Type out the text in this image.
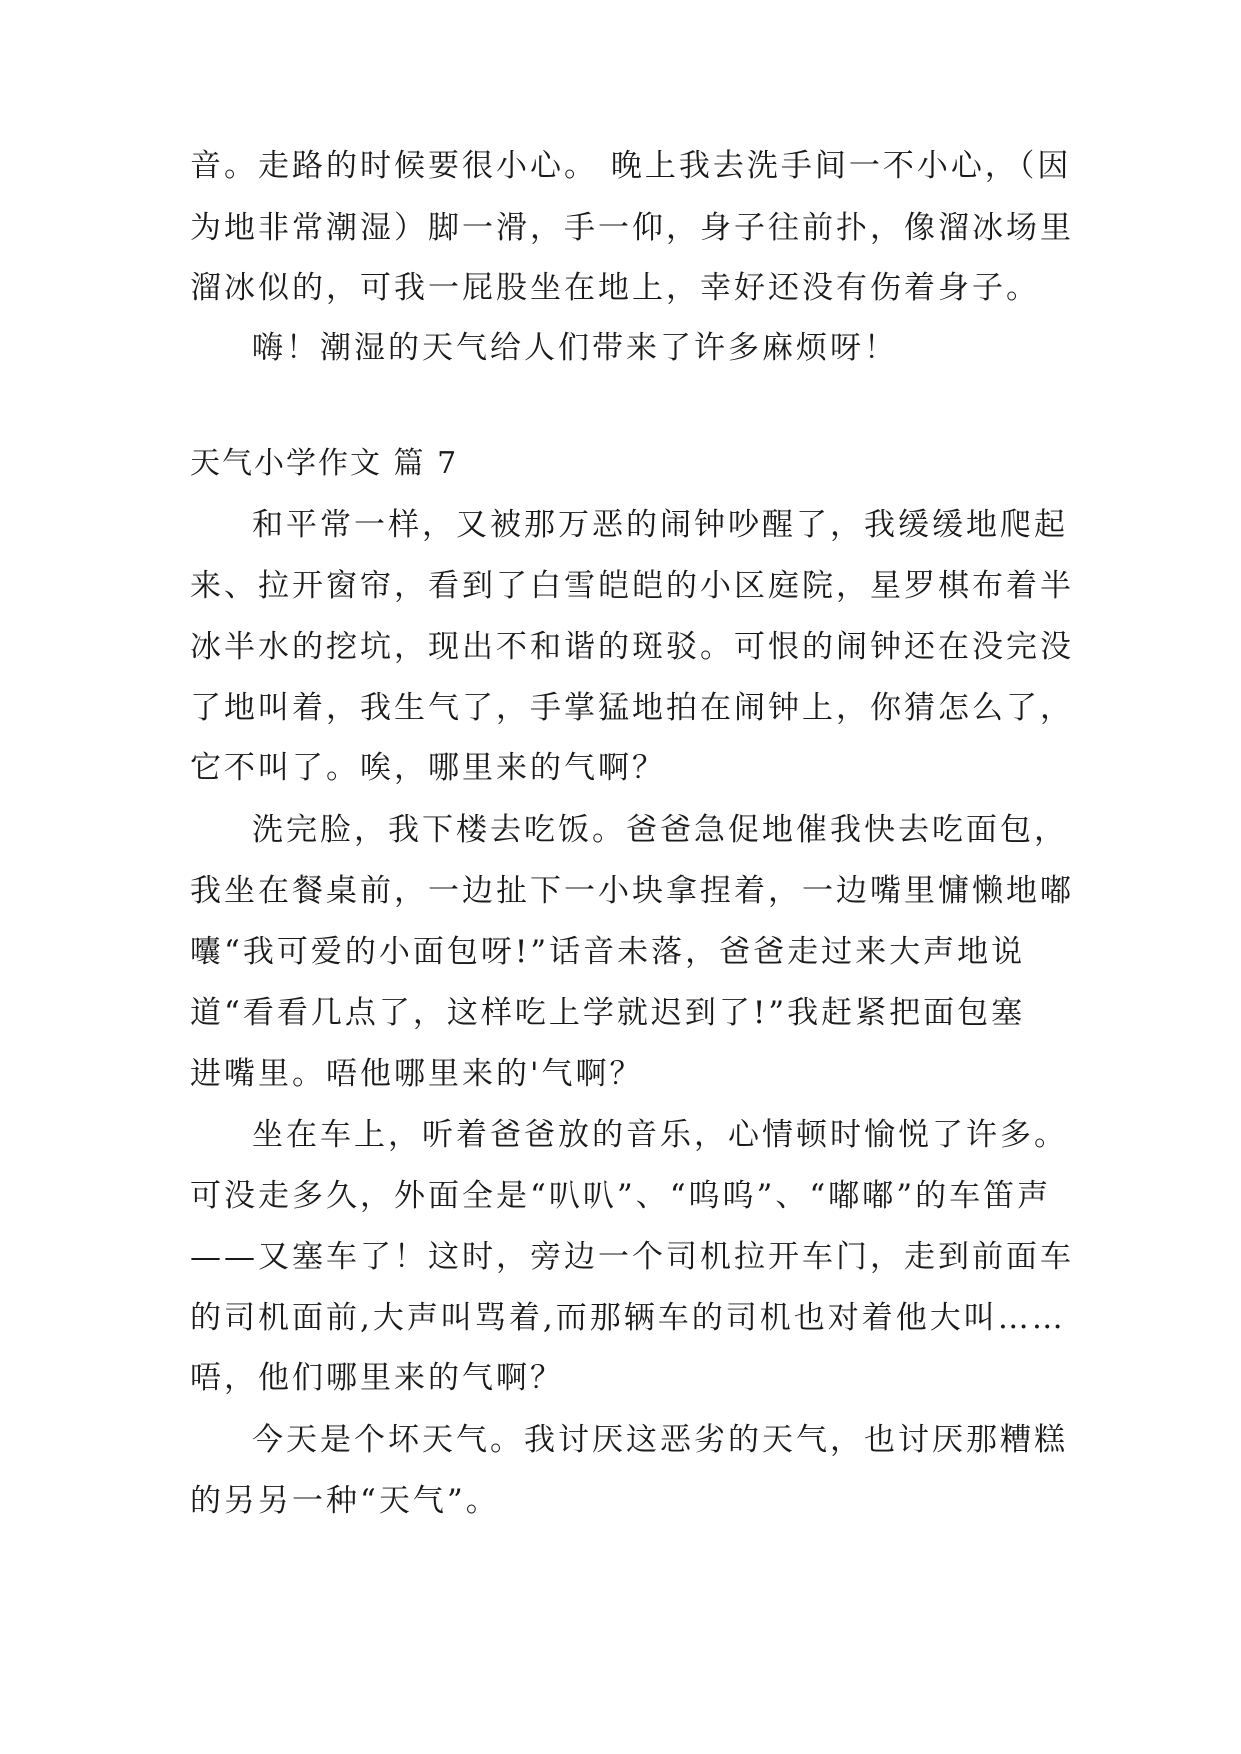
音。走路的时候要很小心。 晚上我去洗手间一不小心，（因
为地非常潮湿）脚一滑，手一仰，身子往前扑，像溜冰场里
溜冰似的，可我一屁股坐在地上，幸好还没有伤着身子。
嗨！潮湿的天气给人们带来了许多麻烦呀！
天气小学作文 篇 7
和平常一样，又被那万恶的闹钟吵醒了，我缓缓地爬起
来、拉开窗帘，看到了白雪皑皑的小区庭院，星罗棋布着半
冰半水的挖坑，现出不和谐的斑驳。可恨的闹钟还在没完没
了地叫着，我生气了，手掌猛地拍在闹钟上，你猜怎么了，
它不叫了。唉，哪里来的气啊？
洗完脸，我下楼去吃饭。爸爸急促地催我快去吃面包，
我坐在餐桌前，一边扯下一小块拿捏着，一边嘴里慵懒地嘟
囔“我可爱的小面包呀!”话音未落，爸爸走过来大声地说
道“看看几点了，这样吃上学就迟到了!”我赶紧把面包塞
进嘴里。唔他哪里来的'气啊？
坐在车上，听着爸爸放的音乐，心情顿时愉悦了许多。
可没走多久，外面全是“叭叭”、“呜呜”、“嘟嘟”的车笛声
——又塞车了！这时，旁边一个司机拉开车门，走到前面车
的司机面前,大声叫骂着,而那辆车的司机也对着他大叫……
唔，他们哪里来的气啊？
今天是个坏天气。我讨厌这恶劣的天气，也讨厌那糟糕
的另另一种“天气”。
